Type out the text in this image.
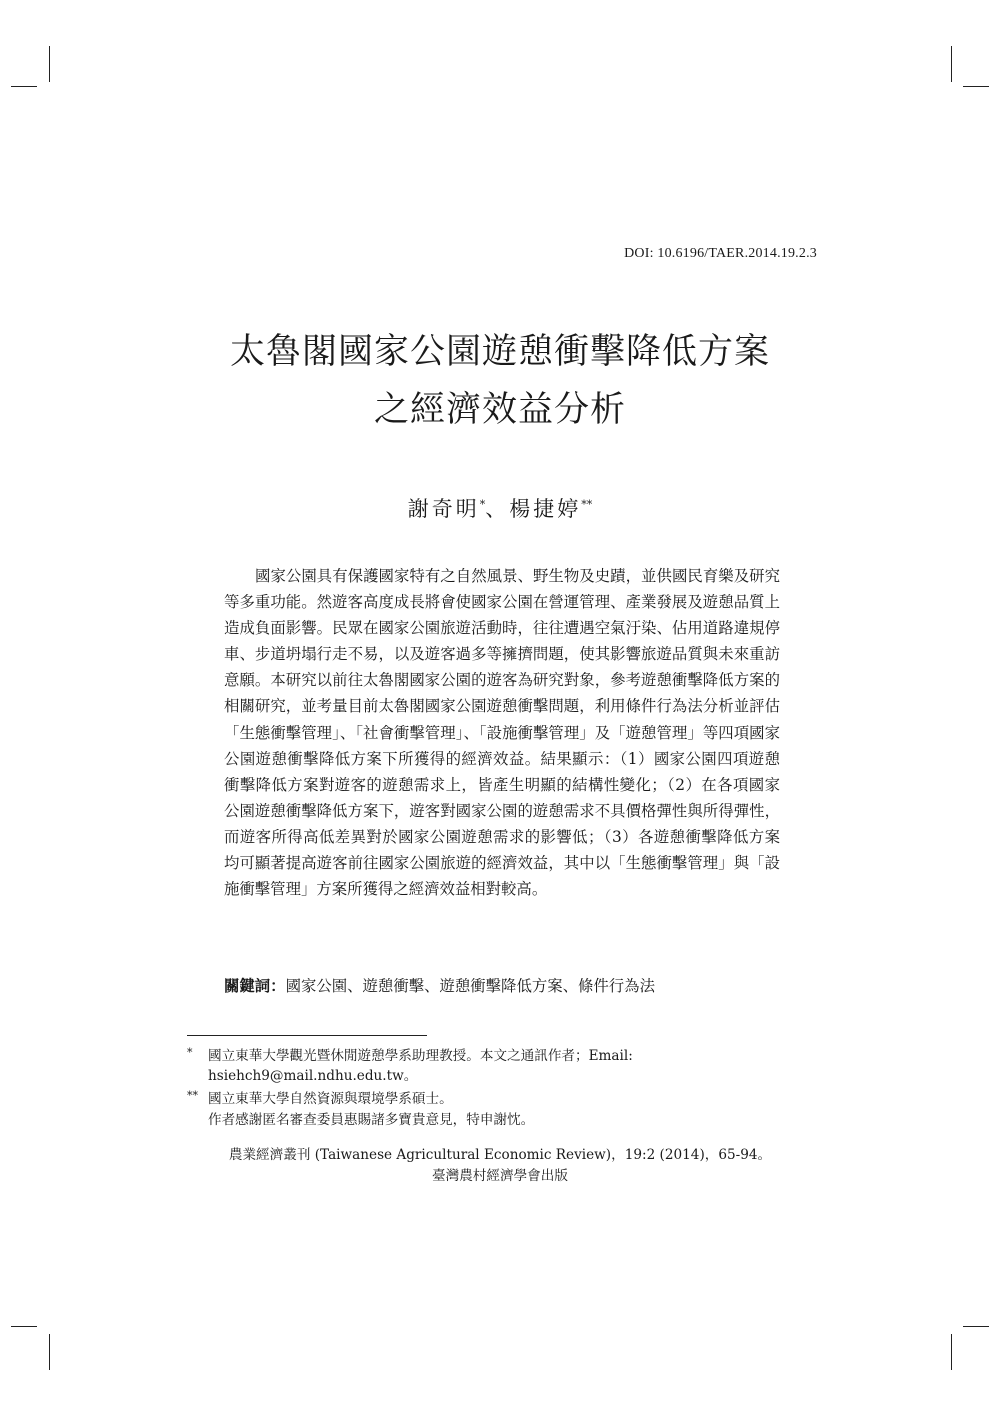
DOI: 10.6196/TAER.2014.19.2.3
太魯閣國家公園遊憩衝擊降低方案
之經濟效益分析
謝奇明*、楊捷婷**

國家公園具有保護國家特有之自然風景、野生物及史蹟，並供國民育樂及研究等多重功能。然遊客高度成長將會使國家公園在營運管理、產業發展及遊憩品質上造成負面影響。民眾在國家公園旅遊活動時，往往遭遇空氣汙染、佔用道路違規停車、步道坍塌行走不易，以及遊客過多等擁擠問題，使其影響旅遊品質與未來重訪意願。本研究以前往太魯閣國家公園的遊客為研究對象，參考遊憩衝擊降低方案的相關研究，並考量目前太魯閣國家公園遊憩衝擊問題，利用條件行為法分析並評估「生態衝擊管理」、「社會衝擊管理」、「設施衝擊管理」及「遊憩管理」等四項國家公園遊憩衝擊降低方案下所獲得的經濟效益。結果顯示：（1）國家公園四項遊憩衝擊降低方案對遊客的遊憩需求上，皆產生明顯的結構性變化；（2）在各項國家公園遊憩衝擊降低方案下，遊客對國家公園的遊憩需求不具價格彈性與所得彈性，而遊客所得高低差異對於國家公園遊憩需求的影響低；（3）各遊憩衝擊降低方案均可顯著提高遊客前往國家公園旅遊的經濟效益，其中以「生態衝擊管理」與「設施衝擊管理」方案所獲得之經濟效益相對較高。

關鍵詞：國家公園、遊憩衝擊、遊憩衝擊降低方案、條件行為法
* 國立東華大學觀光暨休閒遊憩學系助理教授。本文之通訊作者；Email: hsiehch9@mail.ndhu.edu.tw。
** 國立東華大學自然資源與環境學系碩士。
作者感謝匿名審查委員惠賜諸多寶貴意見，特申謝忱。
農業經濟叢刊 (Taiwanese Agricultural Economic Review)，19:2 (2014)，65-94。
臺灣農村經濟學會出版
